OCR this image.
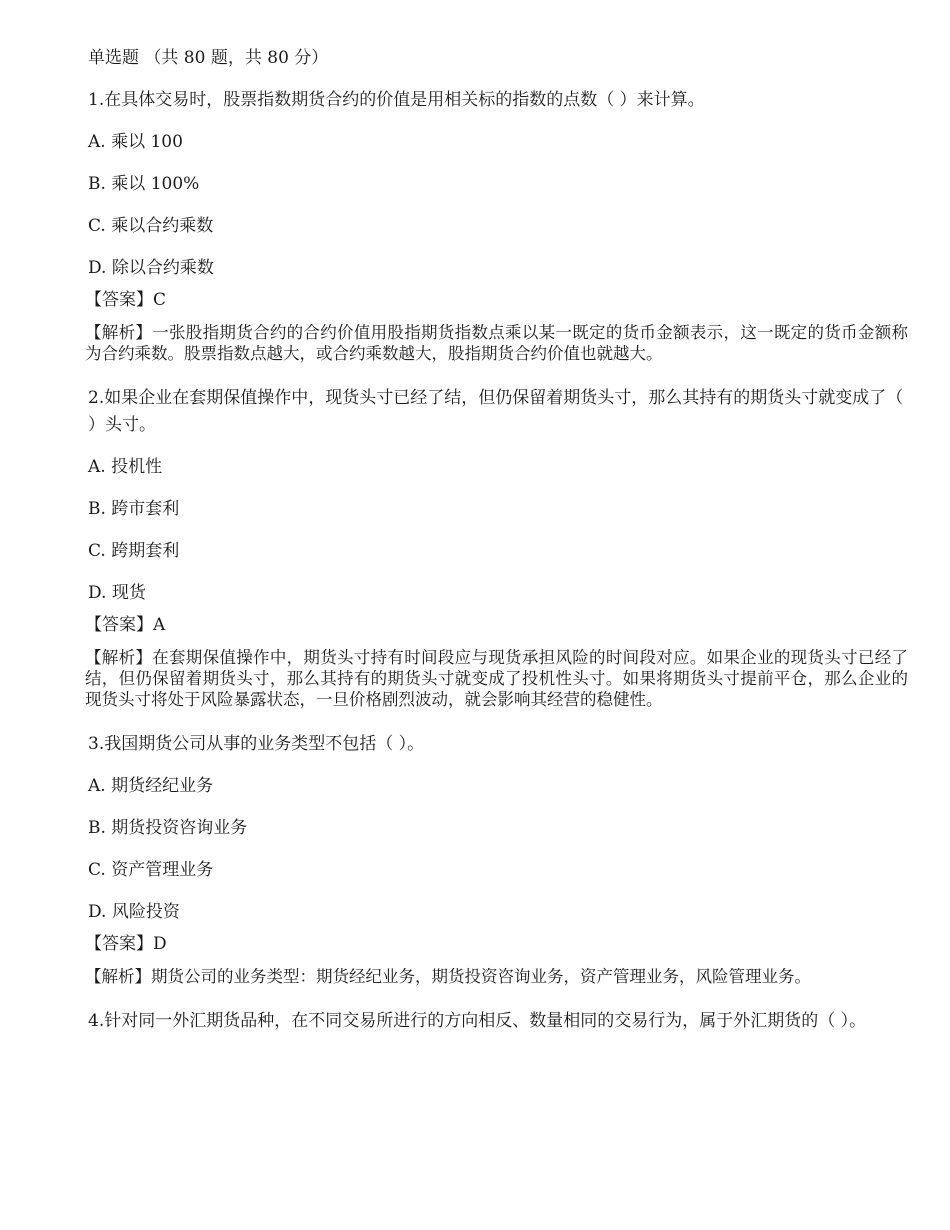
单选题 （共 80 题，共 80 分）
1.在具体交易时，股票指数期货合约的价值是用相关标的指数的点数（ ）来计算。
A. 乘以 100
B. 乘以 100%
C. 乘以合约乘数
D. 除以合约乘数
【答案】C
【解析】一张股指期货合约的合约价值用股指期货指数点乘以某一既定的货币金额表示，这一既定的货币金额称为合约乘数。股票指数点越大，或合约乘数越大，股指期货合约价值也就越大。
2.如果企业在套期保值操作中，现货头寸已经了结，但仍保留着期货头寸，那么其持有的期货头寸就变成了（ ）头寸。
A. 投机性
B. 跨市套利
C. 跨期套利
D. 现货
【答案】A
【解析】在套期保值操作中，期货头寸持有时间段应与现货承担风险的时间段对应。如果企业的现货头寸已经了结，但仍保留着期货头寸，那么其持有的期货头寸就变成了投机性头寸。如果将期货头寸提前平仓，那么企业的现货头寸将处于风险暴露状态，一旦价格剧烈波动，就会影响其经营的稳健性。
3.我国期货公司从事的业务类型不包括（ ）。
A. 期货经纪业务
B. 期货投资咨询业务
C. 资产管理业务
D. 风险投资
【答案】D
【解析】期货公司的业务类型：期货经纪业务，期货投资咨询业务，资产管理业务，风险管理业务。
4.针对同一外汇期货品种，在不同交易所进行的方向相反、数量相同的交易行为，属于外汇期货的（ ）。
